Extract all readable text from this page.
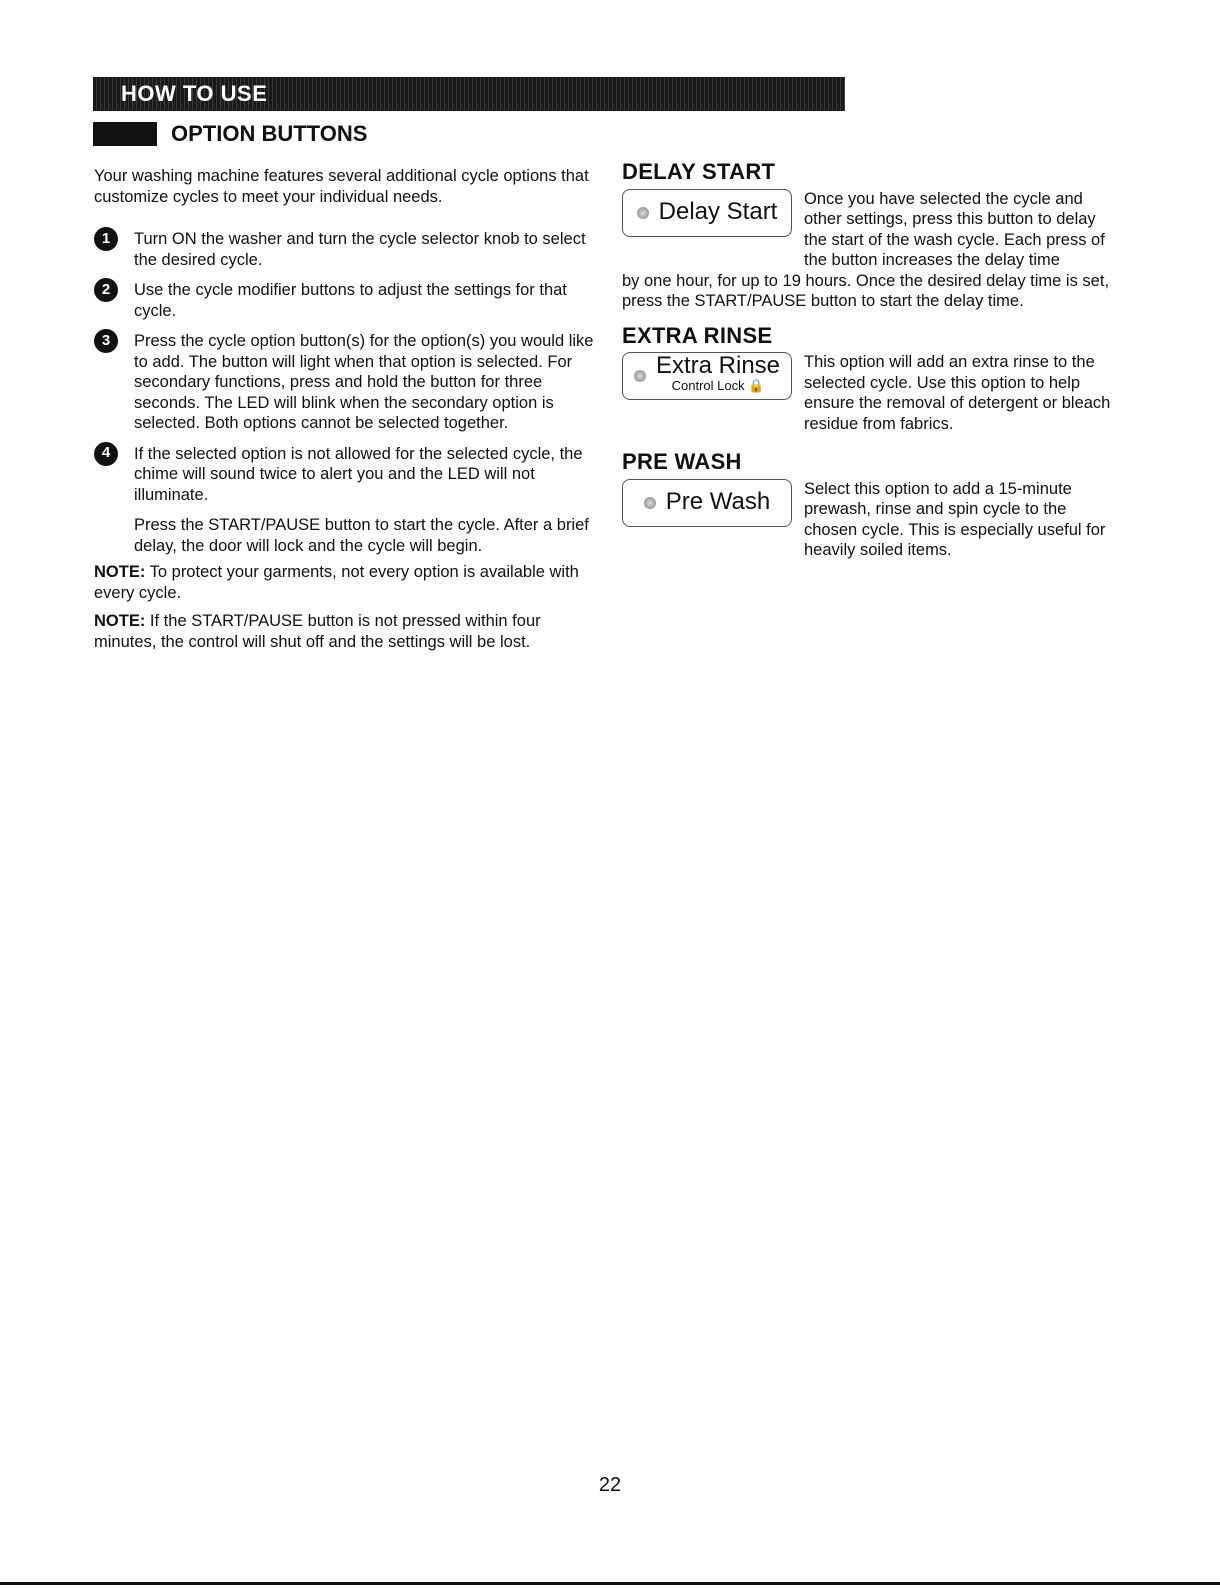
HOW TO USE
OPTION BUTTONS

Your washing machine features several additional cycle options that customize cycles to meet your individual needs.

1	Turn ON the washer and turn the cycle selector knob to select the desired cycle.
2	Use the cycle modifier buttons to adjust the settings for that cycle.
3	Press the cycle option button(s) for the option(s) you would like to add. The button will light when that option is selected. For secondary functions, press and hold the button for three seconds. The LED will blink when the secondary option is selected. Both options cannot be selected together.
4	If the selected option is not allowed for the selected cycle, the chime will sound twice to alert you and the LED will not illuminate.

Press the START/PAUSE button to start the cycle. After a brief delay, the door will lock and the cycle will begin.

NOTE: To protect your garments, not every option is available with every cycle.

NOTE: If the START/PAUSE button is not pressed within four minutes, the control will shut off and the settings will be lost.

DELAY START
Delay Start Once you have selected the cycle and other settings, press this button to delay the start of the wash cycle. Each press of the button increases the delay time

by one hour, for up to 19 hours. Once the desired delay time is set, press the START/PAUSE button to start the delay time.

EXTRA RINSE
Extra Rinse
Control Lock 🔒
This option will add an extra rinse to the selected cycle. Use this option to help ensure the removal of detergent or bleach residue from fabrics.
PRE WASH
Pre Wash Select this option to add a 15-minute prewash, rinse and spin cycle to the chosen cycle. This is especially useful for heavily soiled items.
22
